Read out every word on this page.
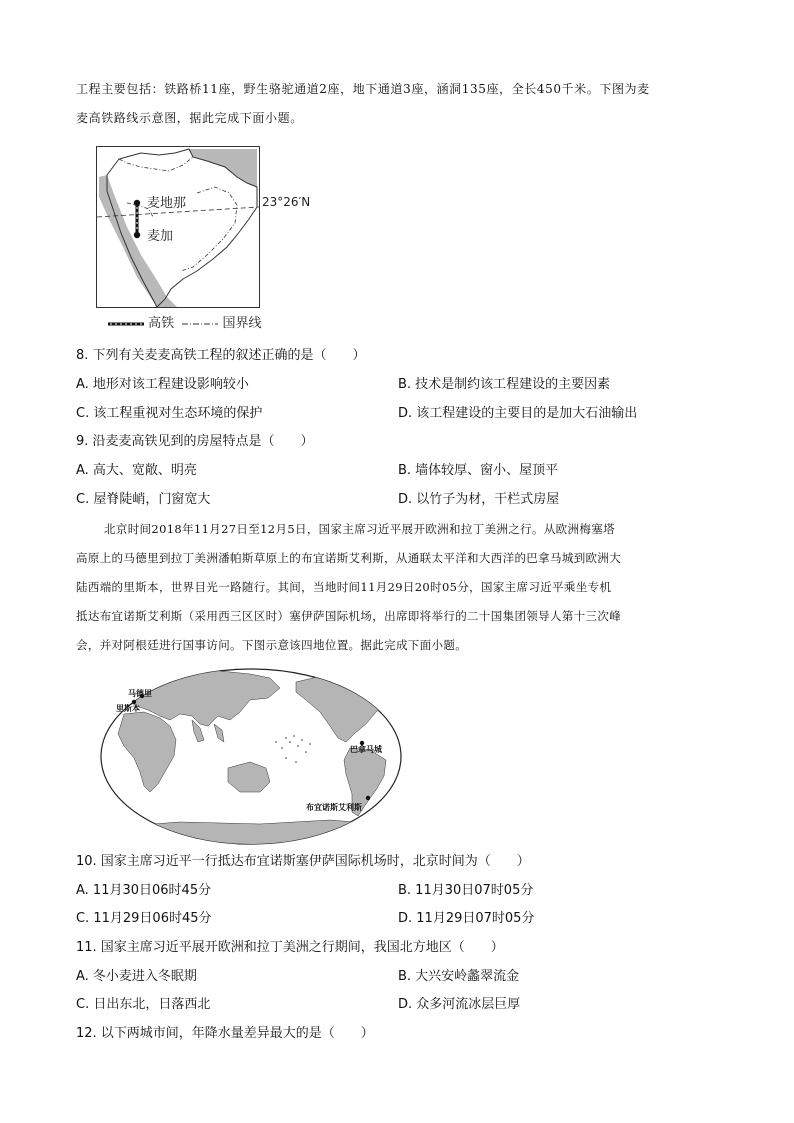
工程主要包括：铁路桥11座，野生骆驼通道2座，地下通道3座，涵洞135座，全长450千米。下图为麦
麦高铁路线示意图，据此完成下面小题。
麦地那
麦加
23°26′N
高铁	国界线
8. 下列有关麦麦高铁工程的叙述正确的是（　　）
A. 地形对该工程建设影响较小	B. 技术是制约该工程建设的主要因素
C. 该工程重视对生态环境的保护	D. 该工程建设的主要目的是加大石油输出
9. 沿麦麦高铁见到的房屋特点是（　　）
A. 高大、宽敞、明亮	B. 墙体较厚、窗小、屋顶平
C. 屋脊陡峭，门窗宽大	D. 以竹子为材，干栏式房屋
北京时间2018年11月27日至12月5日，国家主席习近平展开欧洲和拉丁美洲之行。从欧洲梅塞塔
高原上的马德里到拉丁美洲潘帕斯草原上的布宜诺斯艾利斯，从通联太平洋和大西洋的巴拿马城到欧洲大
陆西端的里斯本，世界目光一路随行。其间，当地时间11月29日20时05分，国家主席习近平乘坐专机
抵达布宜诺斯艾利斯（采用西三区区时）塞伊萨国际机场，出席即将举行的二十国集团领导人第十三次峰
会，并对阿根廷进行国事访问。下图示意该四地位置。据此完成下面小题。
马德里
里斯本
巴拿马城
布宜诺斯艾利斯
10. 国家主席习近平一行抵达布宜诺斯塞伊萨国际机场时，北京时间为（　　）
A. 11月30日06时45分	B. 11月30日07时05分
C. 11月29日06时45分	D. 11月29日07时05分
11. 国家主席习近平展开欧洲和拉丁美洲之行期间，我国北方地区（　　）
A. 冬小麦进入冬眠期	B. 大兴安岭蠡翠流金
C. 日出东北，日落西北	D. 众多河流冰层巨厚
12. 以下两城市间，年降水量差异最大的是（　　）
